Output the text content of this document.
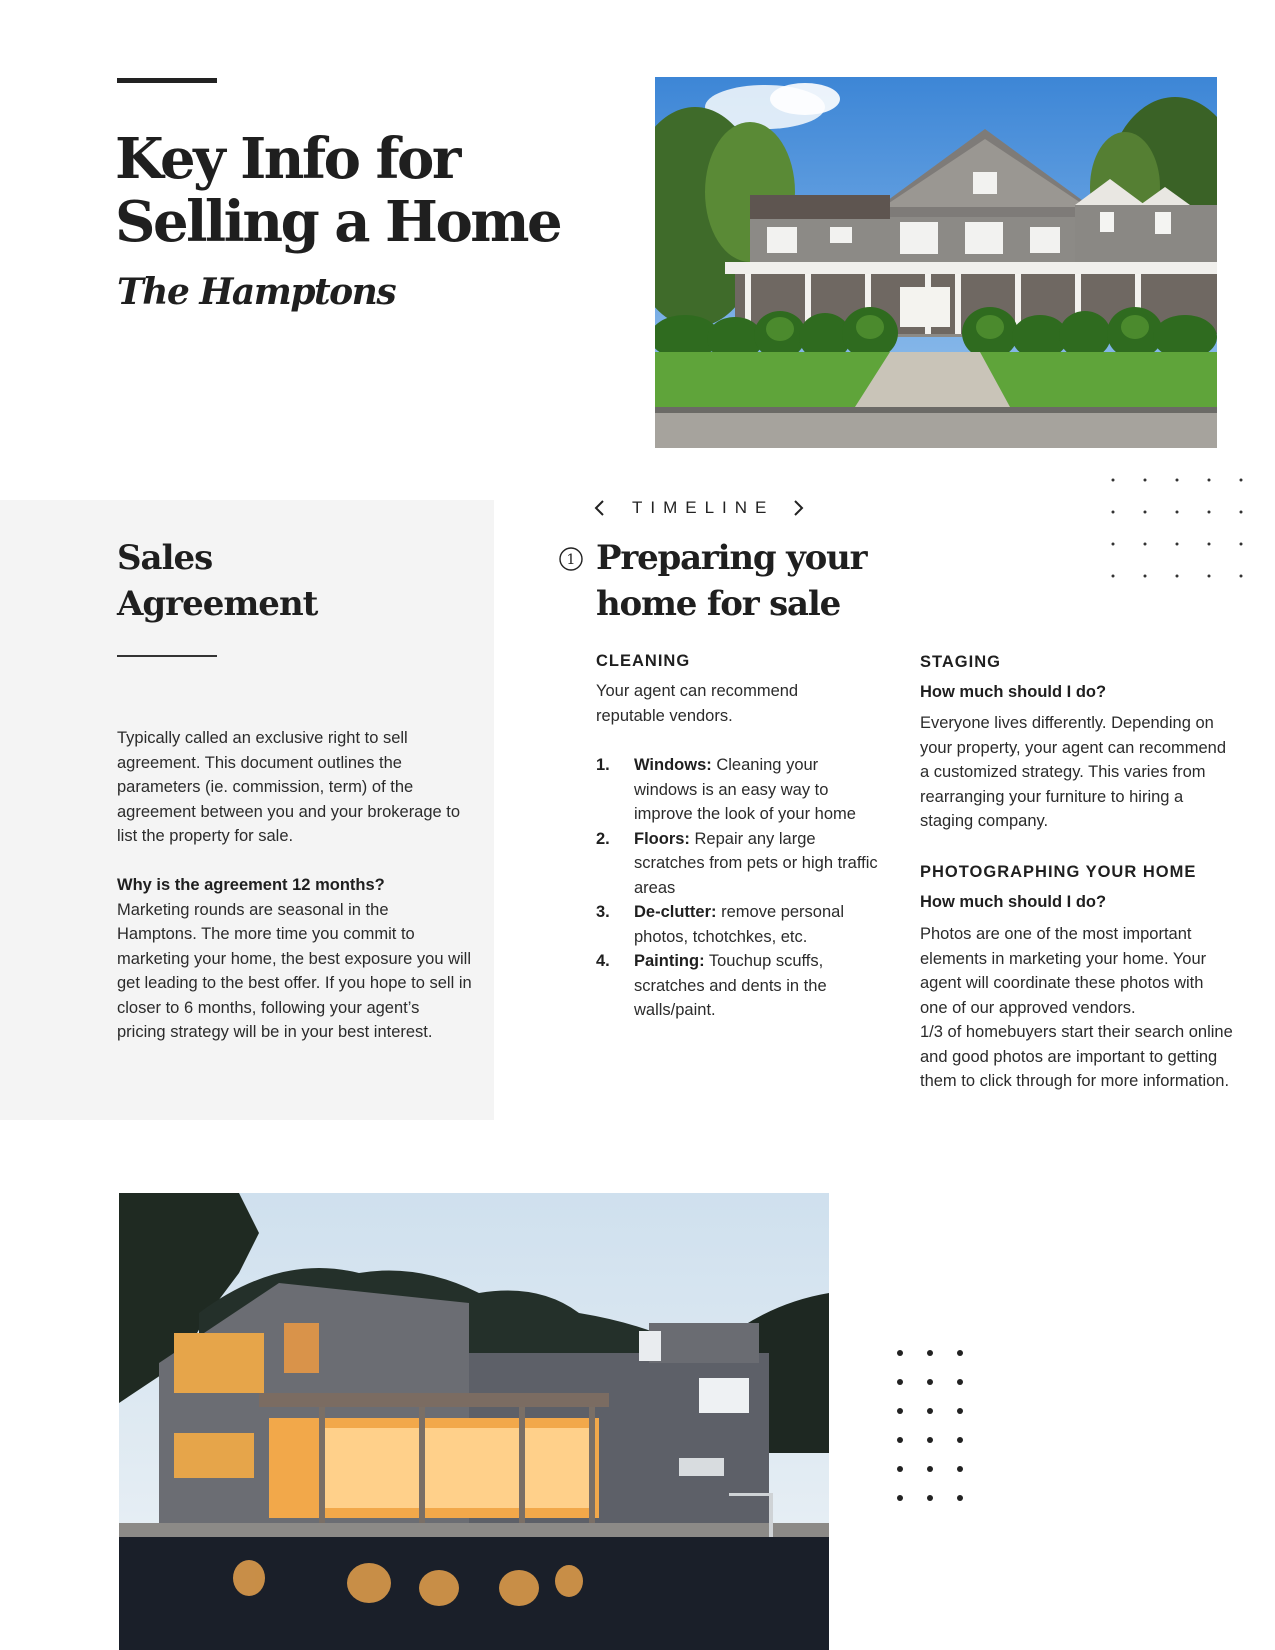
Key Info for
Selling a Home
The Hamptons
Sales
Agreement

Typically called an exclusive right to sell agreement. This document outlines the parameters (ie. commission, term) of the agreement between you and your brokerage to list the property for sale.

Why is the agreement 12 months?

Marketing rounds are seasonal in the Hamptons. The more time you commit to marketing your home, the best exposure you will get leading to the best offer. If you hope to sell in closer to 6 months, following your agent’s pricing strategy will be in your best interest.

TIMELINE
1 Preparing your
home for sale
CLEANING

Your agent can recommend reputable vendors.

1. Windows: Cleaning your windows is an easy way to improve the look of your home
2. Floors: Repair any large scratches from pets or high traffic areas
3. De-clutter: remove personal photos, tchotchkes, etc.
4. Painting: Touchup scuffs, scratches and dents in the walls/paint.
STAGING

How much should I do?

Everyone lives differently. Depending on your property, your agent can recommend a customized strategy. This varies from rearranging your furniture to hiring a staging company.

PHOTOGRAPHING YOUR HOME

How much should I do?

Photos are one of the most important elements in marketing your home. Your agent will coordinate these photos with one of our approved vendors.

1/3 of homebuyers start their search online and good photos are important to getting them to click through for more information.
